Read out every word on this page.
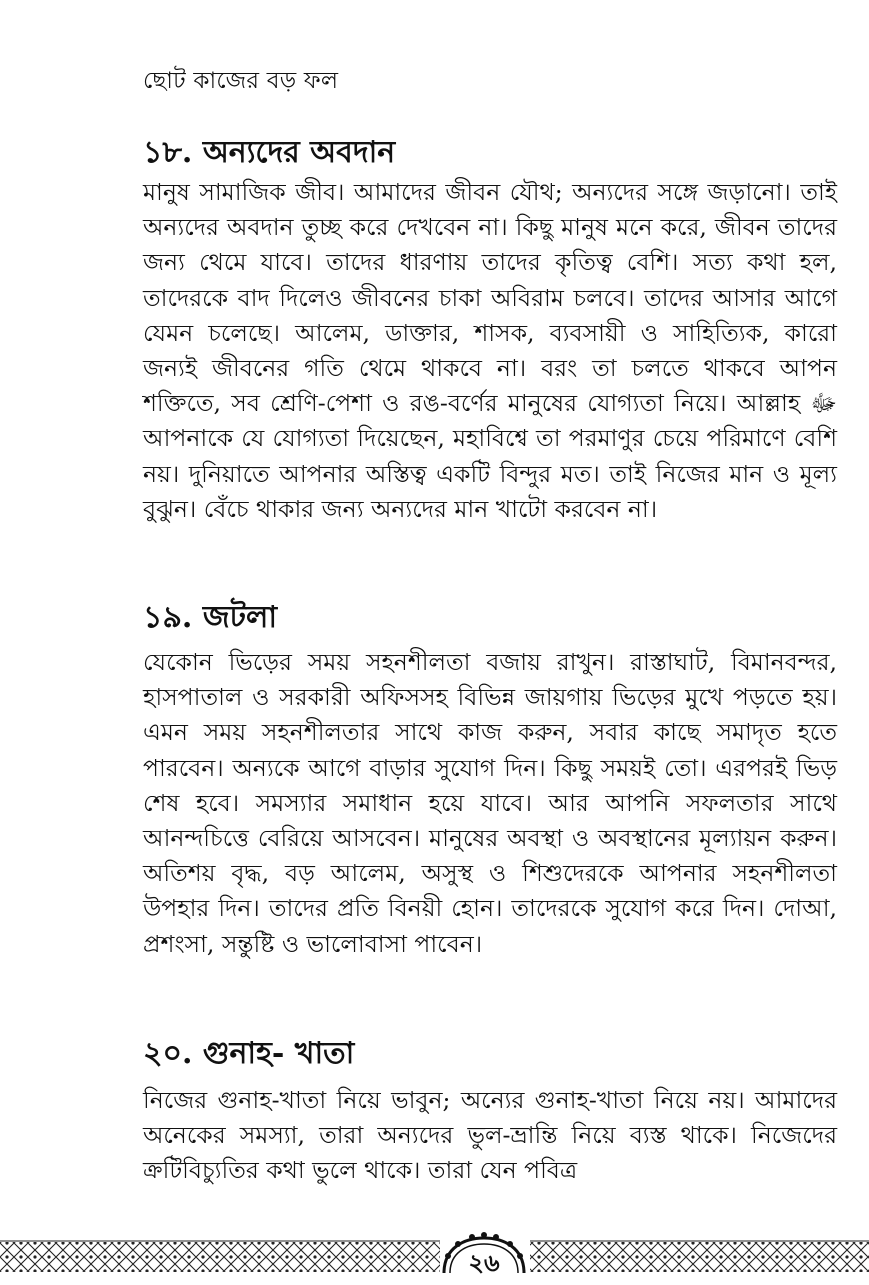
ছোট কাজের বড় ফল
১৮. অন্যদের অবদান
মানুষ সামাজিক জীব। আমাদের জীবন যৌথ; অন্যদের সঙ্গে জড়ানো। তাই অন্যদের অবদান তুচ্ছ করে দেখবেন না। কিছু মানুষ মনে করে, জীবন তাদের জন্য থেমে যাবে। তাদের ধারণায় তাদের কৃতিত্ব বেশি। সত্য কথা হল, তাদেরকে বাদ দিলেও জীবনের চাকা অবিরাম চলবে। তাদের আসার আগে যেমন চলেছে। আলেম, ডাক্তার, শাসক, ব্যবসায়ী ও সাহিত্যিক, কারো জন্যই জীবনের গতি থেমে থাকবে না। বরং তা চলতে থাকবে আপন শক্তিতে, সব শ্রেণি-পেশা ও রঙ-বর্ণের মানুষের যোগ্যতা নিয়ে। আল্লাহ ﷻ আপনাকে যে যোগ্যতা দিয়েছেন, মহাবিশ্বে তা পরমাণুর চেয়ে পরিমাণে বেশি নয়। দুনিয়াতে আপনার অস্তিত্ব একটি বিন্দুর মত। তাই নিজের মান ও মূল্য বুঝুন। বেঁচে থাকার জন্য অন্যদের মান খাটো করবেন না।
১৯. জটলা
যেকোন ভিড়ের সময় সহনশীলতা বজায় রাখুন। রাস্তাঘাট, বিমানবন্দর, হাসপাতাল ও সরকারী অফিসসহ বিভিন্ন জায়গায় ভিড়ের মুখে পড়তে হয়। এমন সময় সহনশীলতার সাথে কাজ করুন, সবার কাছে সমাদৃত হতে পারবেন। অন্যকে আগে বাড়ার সুযোগ দিন। কিছু সময়ই তো। এরপরই ভিড় শেষ হবে। সমস্যার সমাধান হয়ে যাবে। আর আপনি সফলতার সাথে আনন্দচিত্তে বেরিয়ে আসবেন। মানুষের অবস্থা ও অবস্থানের মূল্যায়ন করুন। অতিশয় বৃদ্ধ, বড় আলেম, অসুস্থ ও শিশুদেরকে আপনার সহনশীলতা উপহার দিন। তাদের প্রতি বিনয়ী হোন। তাদেরকে সুযোগ করে দিন। দোআ, প্রশংসা, সন্তুষ্টি ও ভালোবাসা পাবেন।
২০. গুনাহ- খাতা
নিজের গুনাহ-খাতা নিয়ে ভাবুন; অন্যের গুনাহ-খাতা নিয়ে নয়। আমাদের অনেকের সমস্যা, তারা অন্যদের ভুল-ভ্রান্তি নিয়ে ব্যস্ত থাকে। নিজেদের ক্রটিবিচ্যুতির কথা ভুলে থাকে। তারা যেন পবিত্র
২৬
